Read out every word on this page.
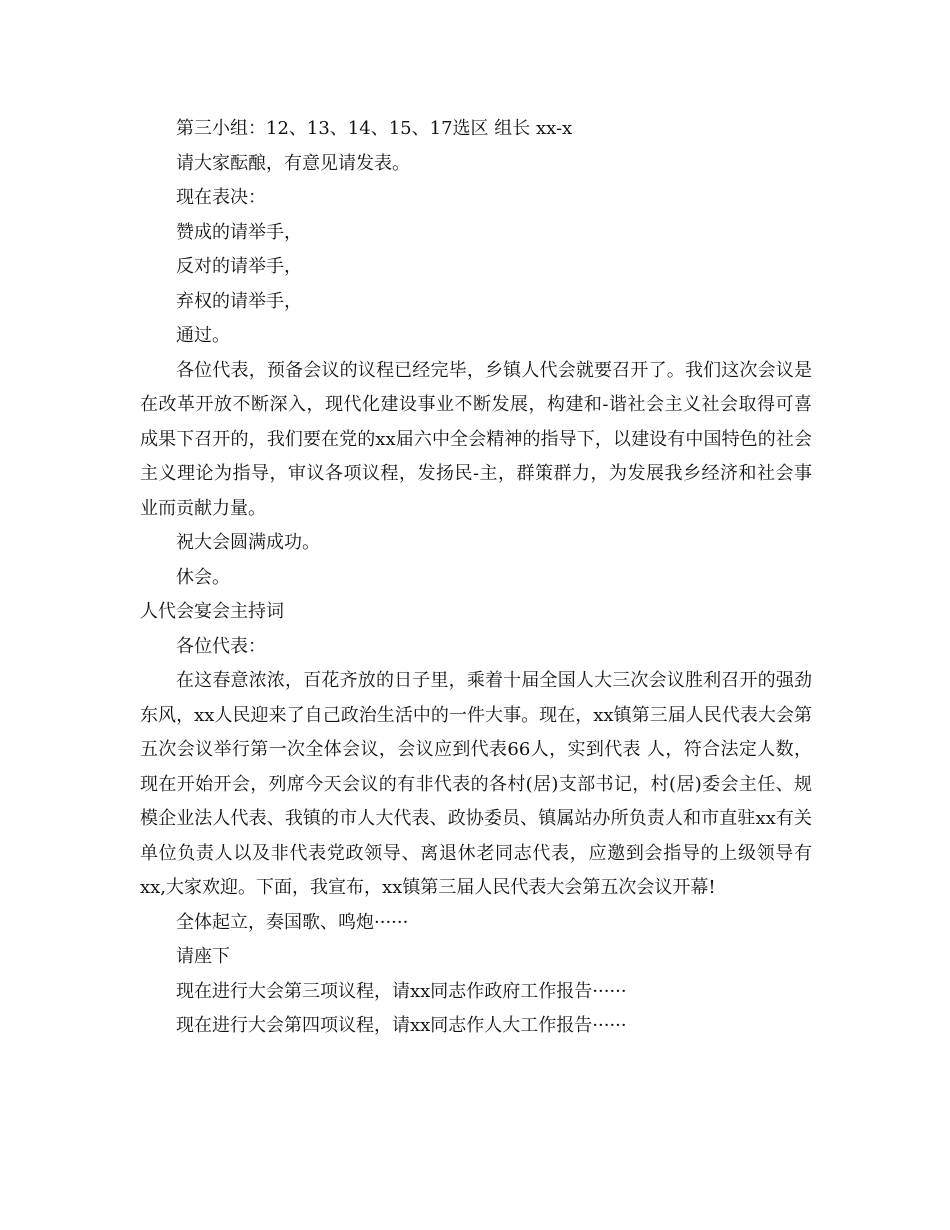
第三小组：12、13、14、15、17选区 组长 xx-x

请大家酝酿，有意见请发表。

现在表决：

赞成的请举手，

反对的请举手，

弃权的请举手，

通过。

各位代表，预备会议的议程已经完毕，乡镇人代会就要召开了。我们这次会议是在改革开放不断深入，现代化建设事业不断发展，构建和-谐社会主义社会取得可喜成果下召开的，我们要在党的xx届六中全会精神的指导下，以建设有中国特色的社会主义理论为指导，审议各项议程，发扬民-主，群策群力，为发展我乡经济和社会事业而贡献力量。

祝大会圆满成功。

休会。

人代会宴会主持词

各位代表：

在这春意浓浓，百花齐放的日子里，乘着十届全国人大三次会议胜利召开的强劲东风，xx人民迎来了自己政治生活中的一件大事。现在，xx镇第三届人民代表大会第五次会议举行第一次全体会议，会议应到代表66人，实到代表 人，符合法定人数，现在开始开会，列席今天会议的有非代表的各村(居)支部书记，村(居)委会主任、规模企业法人代表、我镇的市人大代表、政协委员、镇属站办所负责人和市直驻xx有关单位负责人以及非代表党政领导、离退休老同志代表，应邀到会指导的上级领导有xx,大家欢迎。下面，我宣布，xx镇第三届人民代表大会第五次会议开幕!

全体起立，奏国歌、鸣炮······

请座下

现在进行大会第三项议程，请xx同志作政府工作报告······

现在进行大会第四项议程，请xx同志作人大工作报告······
